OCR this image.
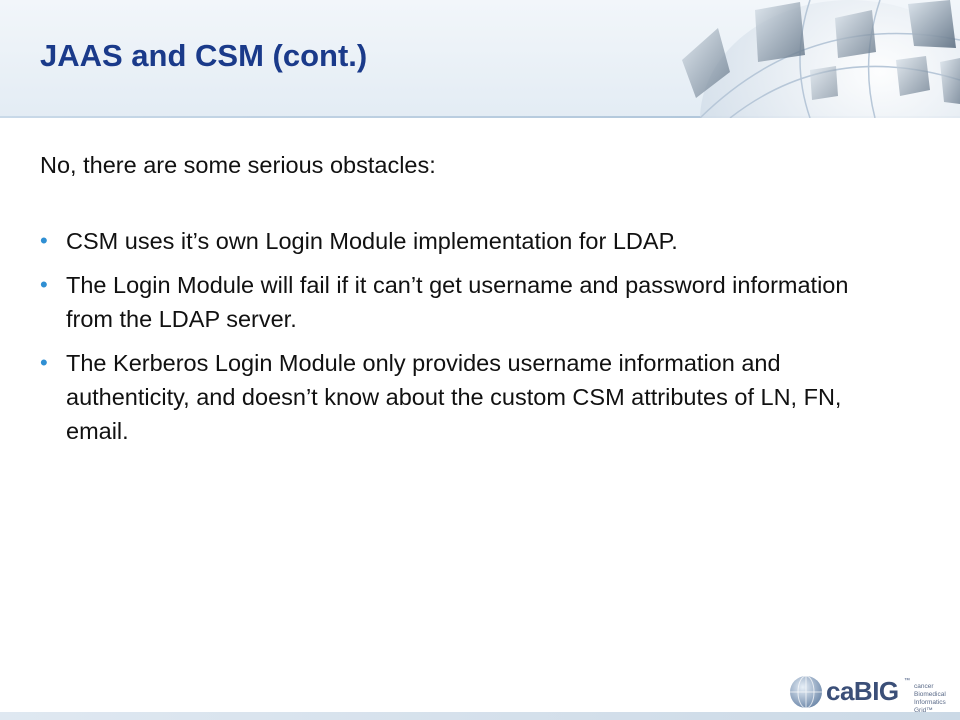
JAAS and CSM (cont.)

No, there are some serious obstacles:

• CSM uses it’s own Login Module implementation for LDAP.
• The Login Module will fail if it can’t get username and password information from the LDAP server.
• The Kerberos Login Module only provides username information and authenticity, and doesn’t know about the custom CSM attributes of LN, FN, email.
caBIG ™
cancer Biomedical
Informatics Grid™
